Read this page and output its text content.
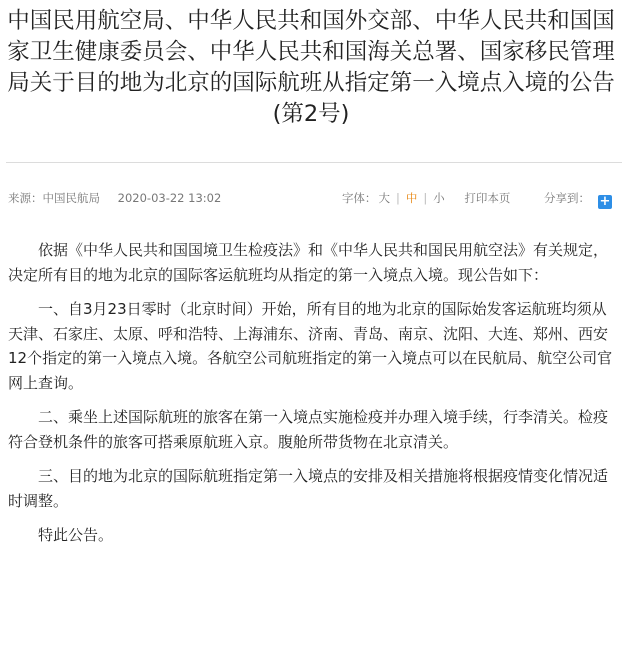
中国民用航空局、中华人民共和国外交部、中华人民共和国国家卫生健康委员会、中华人民共和国海关总署、国家移民管理局关于目的地为北京的国际航班从指定第一入境点入境的公告(第2号)
来源：中国民航局 2020-03-22 13:02	字体： 大 | 中 | 小 打印本页	分享到： +

依据《中华人民共和国国境卫生检疫法》和《中华人民共和国民用航空法》有关规定，决定所有目的地为北京的国际客运航班均从指定的第一入境点入境。现公告如下：

一、自3月23日零时（北京时间）开始，所有目的地为北京的国际始发客运航班均须从天津、石家庄、太原、呼和浩特、上海浦东、济南、青岛、南京、沈阳、大连、郑州、西安12个指定的第一入境点入境。各航空公司航班指定的第一入境点可以在民航局、航空公司官网上查询。

二、乘坐上述国际航班的旅客在第一入境点实施检疫并办理入境手续，行李清关。检疫符合登机条件的旅客可搭乘原航班入京。腹舱所带货物在北京清关。

三、目的地为北京的国际航班指定第一入境点的安排及相关措施将根据疫情变化情况适时调整。

特此公告。
